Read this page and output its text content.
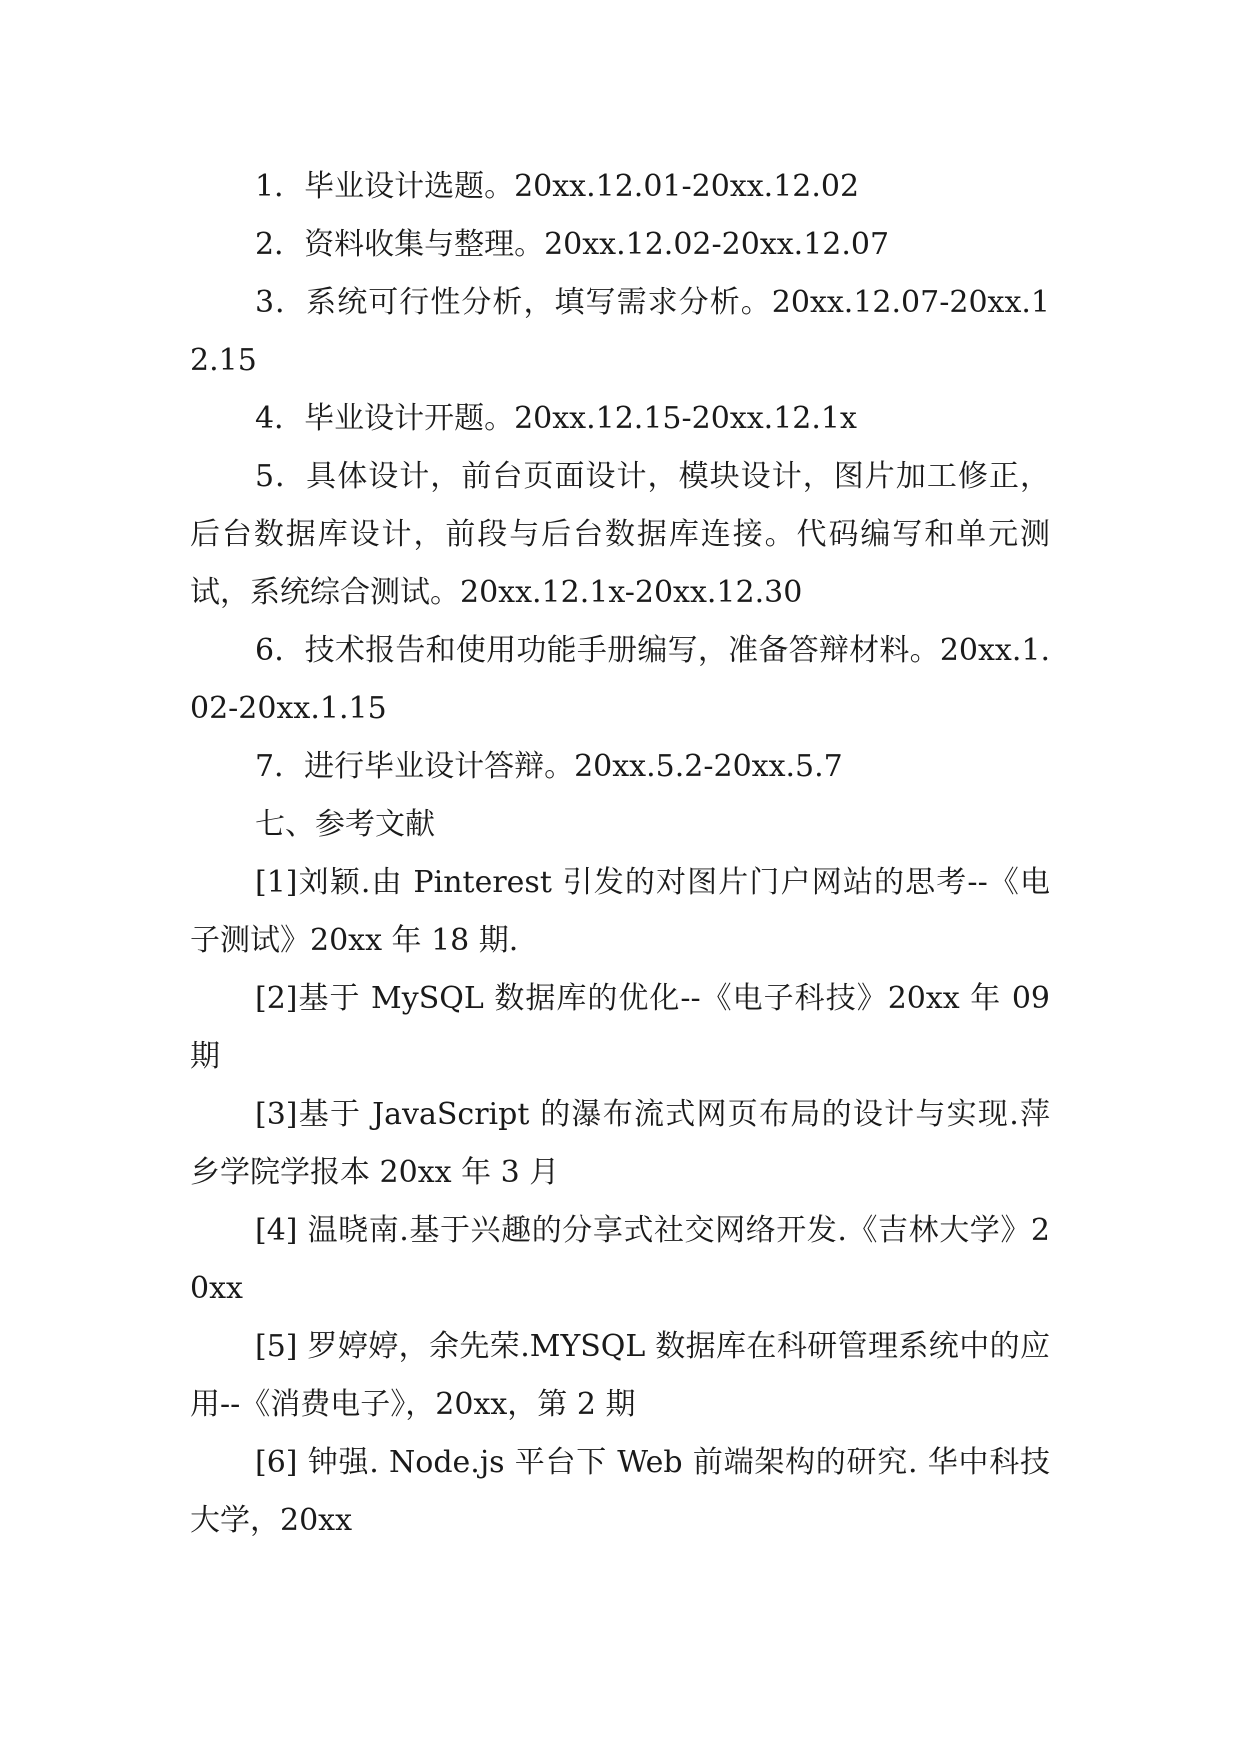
1．毕业设计选题。20xx.12.01-20xx.12.02

2．资料收集与整理。20xx.12.02-20xx.12.07

3．系统可行性分析，填写需求分析。20xx.12.07-20xx.12.15

4．毕业设计开题。20xx.12.15-20xx.12.1x

5．具体设计，前台页面设计，模块设计，图片加工修正，后台数据库设计，前段与后台数据库连接。代码编写和单元测试，系统综合测试。20xx.12.1x-20xx.12.30

6．技术报告和使用功能手册编写，准备答辩材料。20xx.1.02-20xx.1.15

7．进行毕业设计答辩。20xx.5.2-20xx.5.7

七、参考文献

[1]刘颖.由 Pinterest 引发的对图片门户网站的思考--《电子测试》20xx 年 18 期.

[2]基于 MySQL 数据库的优化--《电子科技》20xx 年 09 期

[3]基于 JavaScript 的瀑布流式网页布局的设计与实现.萍乡学院学报本 20xx 年 3 月

[4] 温晓南.基于兴趣的分享式社交网络开发.《吉林大学》20xx

[5] 罗婷婷，余先荣.MYSQL 数据库在科研管理系统中的应用--《消费电子》，20xx，第 2 期

[6] 钟强. Node.js 平台下 Web 前端架构的研究. 华中科技大学，20xx
